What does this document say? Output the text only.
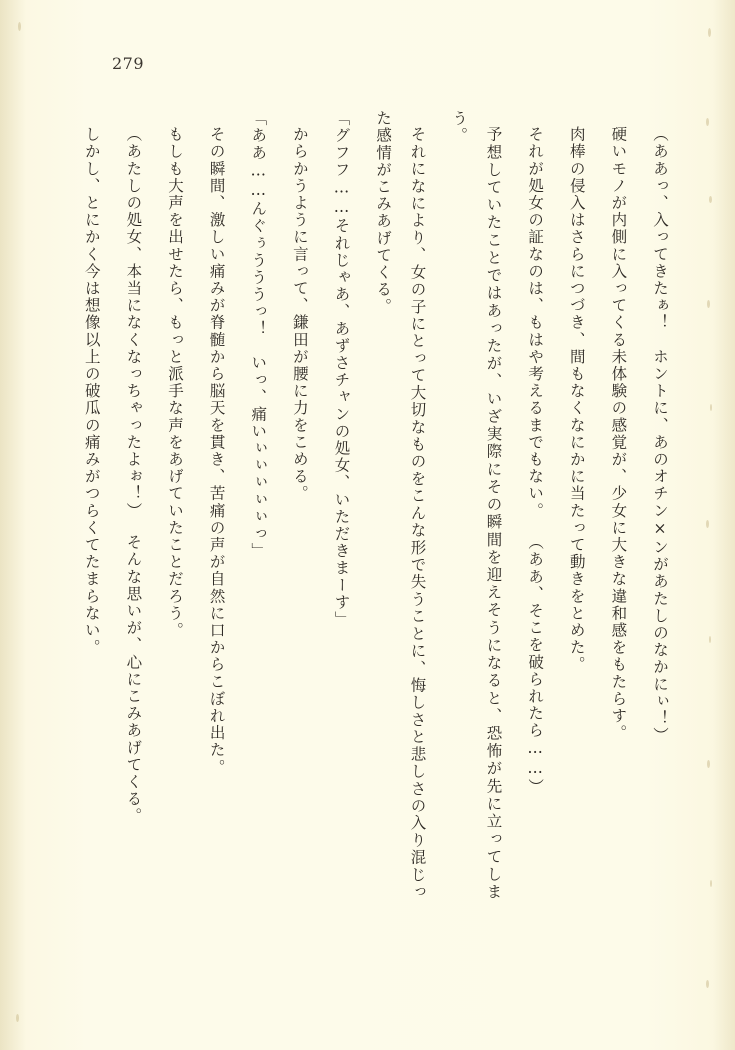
279

（ああっ、入ってきたぁ！　ホントに、あのオチン×ンがあたしのなかにぃ！）

硬いモノが内側に入ってくる未体験の感覚が、少女に大きな違和感をもたらす。

肉棒の侵入はさらにつづき、間もなくなにかに当たって動きをとめた。

それが処女の証なのは、もはや考えるまでもない。

（ああ、そこを破られたら……）

予想していたことではあったが、いざ実際にその瞬間を迎えそうになると、恐怖が先に立ってしまう。

それになにより、女の子にとって大切なものをこんな形で失うことに、悔しさと悲しさの入り混じった感情がこみあげてくる。

「グフフ……それじゃあ、あずさチャンの処女、いただきまーす」

からかうように言って、鎌田が腰に力をこめる。

「ああ……んぐぅうううっ！　いっ、痛いぃぃぃぃぃっ」

その瞬間、激しい痛みが脊髄から脳天を貫き、苦痛の声が自然に口からこぼれ出た。

もしも大声を出せたら、もっと派手な声をあげていたことだろう。

（あたしの処女、本当になくなっちゃったよぉ！）

そんな思いが、心にこみあげてくる。

しかし、とにかく今は想像以上の破瓜の痛みがつらくてたまらない。
